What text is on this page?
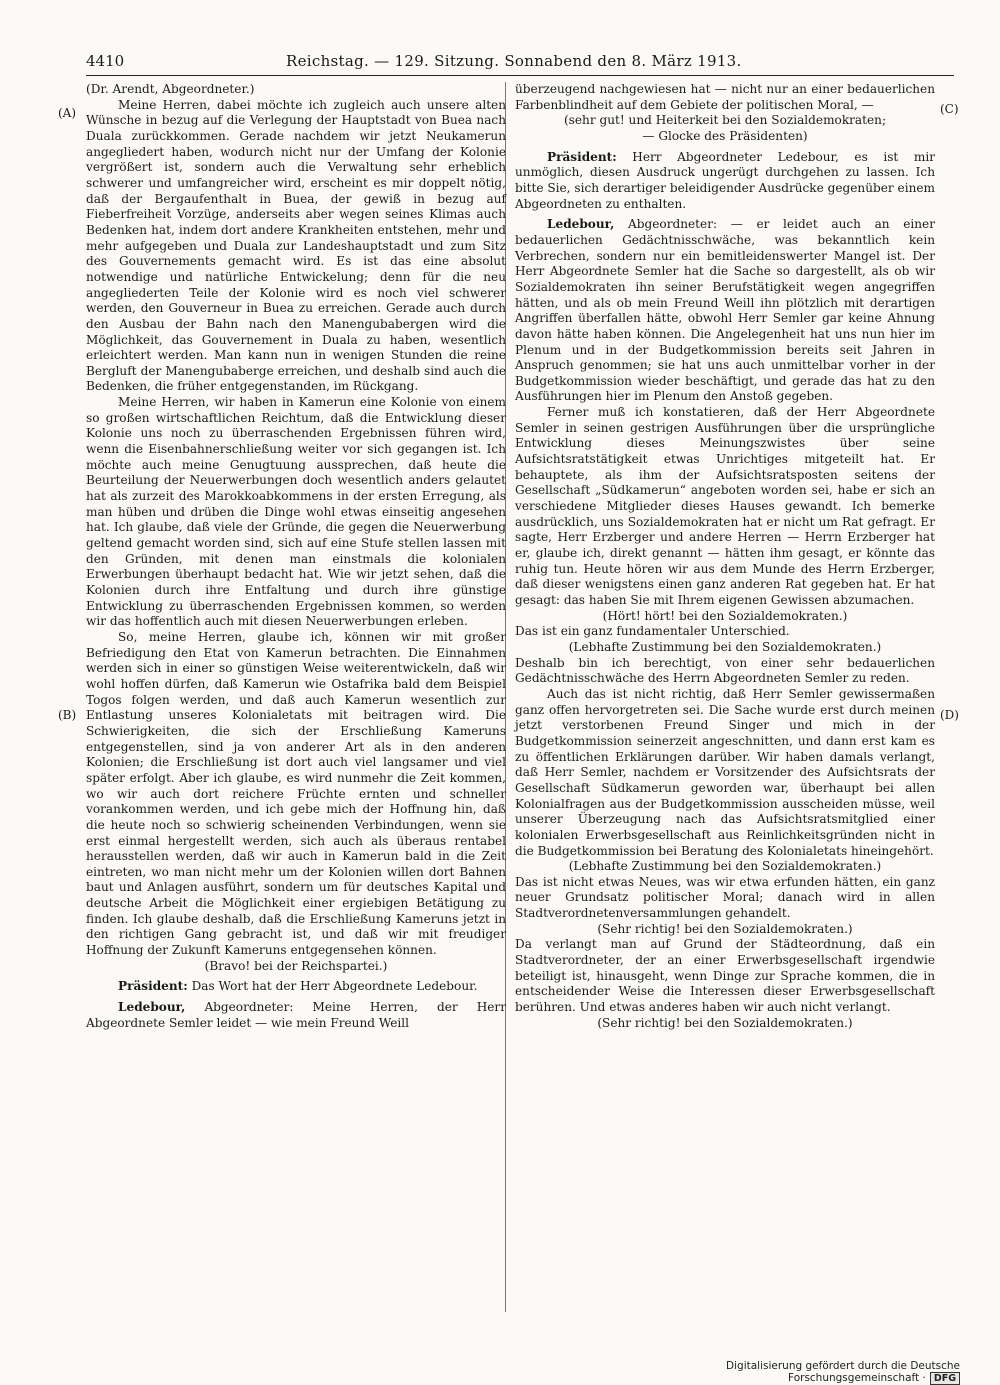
4410	Reichstag. — 129. Sitzung. Sonnabend den 8. März 1913.
(A)
(B)
(C)
(D)

(Dr. Arendt, Abgeordneter.)

Meine Herren, dabei möchte ich zugleich auch unsere alten Wünsche in bezug auf die Verlegung der Hauptstadt von Buea nach Duala zurückkommen. Gerade nachdem wir jetzt Neukamerun angegliedert haben, wodurch nicht nur der Umfang der Kolonie vergrößert ist, sondern auch die Verwaltung sehr erheblich schwerer und umfangreicher wird, erscheint es mir doppelt nötig, daß der Bergaufenthalt in Buea, der gewiß in bezug auf Fieberfreiheit Vorzüge, anderseits aber wegen seines Klimas auch Bedenken hat, indem dort andere Krankheiten entstehen, mehr und mehr aufgegeben und Duala zur Landeshauptstadt und zum Sitz des Gouvernements gemacht wird. Es ist das eine absolut notwendige und natürliche Entwickelung; denn für die neu angegliederten Teile der Kolonie wird es noch viel schwerer werden, den Gouverneur in Buea zu erreichen. Gerade auch durch den Ausbau der Bahn nach den Manengubabergen wird die Möglichkeit, das Gouvernement in Duala zu haben, wesentlich erleichtert werden. Man kann nun in wenigen Stunden die reine Bergluft der Manengubaberge erreichen, und deshalb sind auch die Bedenken, die früher entgegenstanden, im Rückgang.

Meine Herren, wir haben in Kamerun eine Kolonie von einem so großen wirtschaftlichen Reichtum, daß die Entwicklung dieser Kolonie uns noch zu überraschenden Ergebnissen führen wird, wenn die Eisenbahnerschließung weiter vor sich gegangen ist. Ich möchte auch meine Genugtuung aussprechen, daß heute die Beurteilung der Neuerwerbungen doch wesentlich anders gelautet hat als zurzeit des Marokkoabkommens in der ersten Erregung, als man hüben und drüben die Dinge wohl etwas einseitig angesehen hat. Ich glaube, daß viele der Gründe, die gegen die Neuerwerbung geltend gemacht worden sind, sich auf eine Stufe stellen lassen mit den Gründen, mit denen man einstmals die kolonialen Erwerbungen überhaupt bedacht hat. Wie wir jetzt sehen, daß die Kolonien durch ihre Entfaltung und durch ihre günstige Entwicklung zu überraschenden Ergebnissen kommen, so werden wir das hoffentlich auch mit diesen Neuerwerbungen erleben.

So, meine Herren, glaube ich, können wir mit großer Befriedigung den Etat von Kamerun betrachten. Die Einnahmen werden sich in einer so günstigen Weise weiterentwickeln, daß wir wohl hoffen dürfen, daß Kamerun wie Ostafrika bald dem Beispiel Togos folgen werden, und daß auch Kamerun wesentlich zur Entlastung unseres Kolonialetats mit beitragen wird. Die Schwierigkeiten, die sich der Erschließung Kameruns entgegenstellen, sind ja von anderer Art als in den anderen Kolonien; die Erschließung ist dort auch viel langsamer und viel später erfolgt. Aber ich glaube, es wird nunmehr die Zeit kommen, wo wir auch dort reichere Früchte ernten und schneller vorankommen werden, und ich gebe mich der Hoffnung hin, daß die heute noch so schwierig scheinenden Verbindungen, wenn sie erst einmal hergestellt werden, sich auch als überaus rentabel herausstellen werden, daß wir auch in Kamerun bald in die Zeit eintreten, wo man nicht mehr um der Kolonien willen dort Bahnen baut und Anlagen ausführt, sondern um für deutsches Kapital und deutsche Arbeit die Möglichkeit einer ergiebigen Betätigung zu finden. Ich glaube deshalb, daß die Erschließung Kameruns jetzt in den richtigen Gang gebracht ist, und daß wir mit freudiger Hoffnung der Zukunft Kameruns entgegensehen können.

(Bravo! bei der Reichspartei.)

Präsident: Das Wort hat der Herr Abgeordnete Ledebour.

Ledebour, Abgeordneter: Meine Herren, der Herr Abgeordnete Semler leidet — wie mein Freund Weill

überzeugend nachgewiesen hat — nicht nur an einer bedauerlichen Farbenblindheit auf dem Gebiete der politischen Moral, —

(sehr gut! und Heiterkeit bei den Sozialdemokraten;

— Glocke des Präsidenten)

Präsident: Herr Abgeordneter Ledebour, es ist mir unmöglich, diesen Ausdruck ungerügt durchgehen zu lassen. Ich bitte Sie, sich derartiger beleidigender Ausdrücke gegenüber einem Abgeordneten zu enthalten.

Ledebour, Abgeordneter: — er leidet auch an einer bedauerlichen Gedächtnisschwäche, was bekanntlich kein Verbrechen, sondern nur ein bemitleidenswerter Mangel ist. Der Herr Abgeordnete Semler hat die Sache so dargestellt, als ob wir Sozialdemokraten ihn seiner Berufstätigkeit wegen angegriffen hätten, und als ob mein Freund Weill ihn plötzlich mit derartigen Angriffen überfallen hätte, obwohl Herr Semler gar keine Ahnung davon hätte haben können. Die Angelegenheit hat uns nun hier im Plenum und in der Budgetkommission bereits seit Jahren in Anspruch genommen; sie hat uns auch unmittelbar vorher in der Budgetkommission wieder beschäftigt, und gerade das hat zu den Ausführungen hier im Plenum den Anstoß gegeben.

Ferner muß ich konstatieren, daß der Herr Abgeordnete Semler in seinen gestrigen Ausführungen über die ursprüngliche Entwicklung dieses Meinungszwistes über seine Aufsichtsratstätigkeit etwas Unrichtiges mitgeteilt hat. Er behauptete, als ihm der Aufsichtsratsposten seitens der Gesellschaft „Südkamerun“ angeboten worden sei, habe er sich an verschiedene Mitglieder dieses Hauses gewandt. Ich bemerke ausdrücklich, uns Sozialdemokraten hat er nicht um Rat gefragt. Er sagte, Herr Erzberger und andere Herren — Herrn Erzberger hat er, glaube ich, direkt genannt — hätten ihm gesagt, er könnte das ruhig tun. Heute hören wir aus dem Munde des Herrn Erzberger, daß dieser wenigstens einen ganz anderen Rat gegeben hat. Er hat gesagt: das haben Sie mit Ihrem eigenen Gewissen abzumachen.

(Hört! hört! bei den Sozialdemokraten.)

Das ist ein ganz fundamentaler Unterschied.

(Lebhafte Zustimmung bei den Sozialdemokraten.)

Deshalb bin ich berechtigt, von einer sehr bedauerlichen Gedächtnisschwäche des Herrn Abgeordneten Semler zu reden.

Auch das ist nicht richtig, daß Herr Semler gewissermaßen ganz offen hervorgetreten sei. Die Sache wurde erst durch meinen jetzt verstorbenen Freund Singer und mich in der Budgetkommission seinerzeit angeschnitten, und dann erst kam es zu öffentlichen Erklärungen darüber. Wir haben damals verlangt, daß Herr Semler, nachdem er Vorsitzender des Aufsichtsrats der Gesellschaft Südkamerun geworden war, überhaupt bei allen Kolonialfragen aus der Budgetkommission ausscheiden müsse, weil unserer Überzeugung nach das Aufsichtsratsmitglied einer kolonialen Erwerbsgesellschaft aus Reinlichkeitsgründen nicht in die Budgetkommission bei Beratung des Kolonialetats hineingehört.

(Lebhafte Zustimmung bei den Sozialdemokraten.)

Das ist nicht etwas Neues, was wir etwa erfunden hätten, ein ganz neuer Grundsatz politischer Moral; danach wird in allen Stadtverordnetenversammlungen gehandelt.

(Sehr richtig! bei den Sozialdemokraten.)

Da verlangt man auf Grund der Städteordnung, daß ein Stadtverordneter, der an einer Erwerbsgesellschaft irgendwie beteiligt ist, hinausgeht, wenn Dinge zur Sprache kommen, die in entscheidender Weise die Interessen dieser Erwerbsgesellschaft berühren. Und etwas anderes haben wir auch nicht verlangt.

(Sehr richtig! bei den Sozialdemokraten.)

Digitalisierung gefördert durch die Deutsche Forschungsgemeinschaft · DFG
